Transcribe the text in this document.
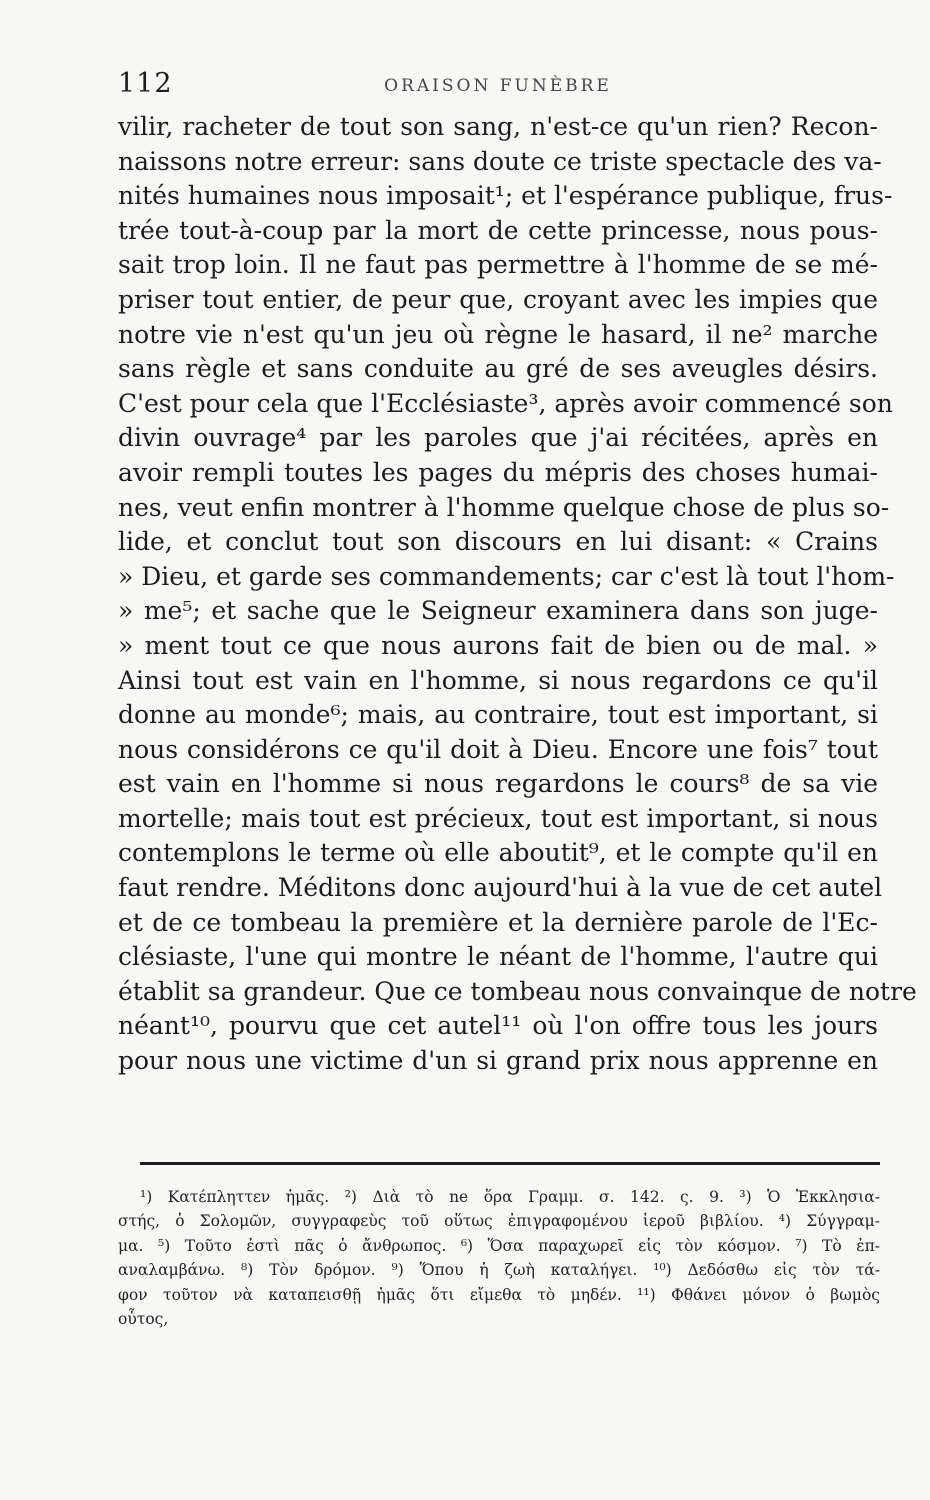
112	ORAISON FUNÈBRE
vilir, racheter de tout son sang, n'est-ce qu'un rien? Recon-
naissons notre erreur: sans doute ce triste spectacle des va-
nités humaines nous imposait¹; et l'espérance publique, frus-
trée tout-à-coup par la mort de cette princesse, nous pous-
sait trop loin. Il ne faut pas permettre à l'homme de se mé-
priser tout entier, de peur que, croyant avec les impies que
notre vie n'est qu'un jeu où règne le hasard, il ne² marche
sans règle et sans conduite au gré de ses aveugles désirs.
C'est pour cela que l'Ecclésiaste³, après avoir commencé son
divin ouvrage⁴ par les paroles que j'ai récitées, après en
avoir rempli toutes les pages du mépris des choses humai-
nes, veut enfin montrer à l'homme quelque chose de plus so-
lide, et conclut tout son discours en lui disant: « Crains
» Dieu, et garde ses commandements; car c'est là tout l'hom-
» me⁵; et sache que le Seigneur examinera dans son juge-
» ment tout ce que nous aurons fait de bien ou de mal. »
Ainsi tout est vain en l'homme, si nous regardons ce qu'il
donne au monde⁶; mais, au contraire, tout est important, si
nous considérons ce qu'il doit à Dieu. Encore une fois⁷ tout
est vain en l'homme si nous regardons le cours⁸ de sa vie
mortelle; mais tout est précieux, tout est important, si nous
contemplons le terme où elle aboutit⁹, et le compte qu'il en
faut rendre. Méditons donc aujourd'hui à la vue de cet autel
et de ce tombeau la première et la dernière parole de l'Ec-
clésiaste, l'une qui montre le néant de l'homme, l'autre qui
établit sa grandeur. Que ce tombeau nous convainque de notre
néant¹⁰, pourvu que cet autel¹¹ où l'on offre tous les jours
pour nous une victime d'un si grand prix nous apprenne en
¹) Κατέπληττεν ἡμᾶς. ²) Διὰ τὸ ne ὅρα Γραμμ. σ. 142. ς. 9. ³) Ὁ Ἐκκλησια-
στής, ὁ Σολομῶν, συγγραφεὺς τοῦ οὕτως ἐπιγραφομένου ἱεροῦ βιβλίου. ⁴) Σύγγραμ-
μα. ⁵) Τοῦτο ἐστὶ πᾶς ὁ ἄνθρωπος. ⁶) Ὅσα παραχωρεῖ εἰς τὸν κόσμον. ⁷) Τὸ ἐπ-
αναλαμβάνω. ⁸) Τὸν δρόμον. ⁹) Ὅπου ἡ ζωὴ καταλήγει. ¹⁰) Δεδόσθω εἰς τὸν τά-
φον τοῦτον νὰ καταπεισθῇ ἡμᾶς ὅτι εἴμεθα τὸ μηδέν. ¹¹) Φθάνει μόνον ὁ βωμὸς
οὗτος,
